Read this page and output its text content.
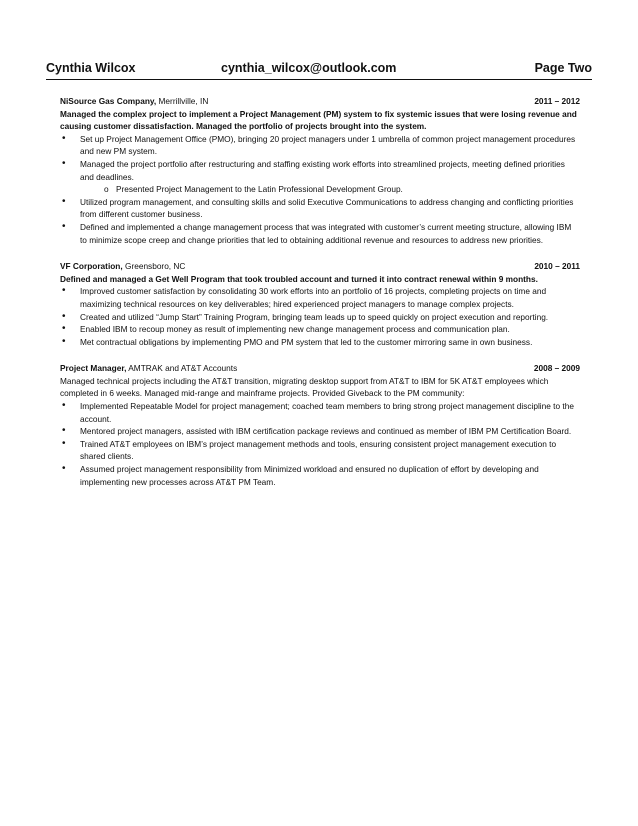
Cynthia Wilcox	cynthia_wilcox@outlook.com	Page Two
NiSource Gas Company, Merrillville, IN	2011 – 2012

Managed the complex project to implement a Project Management (PM) system to fix systemic issues that were losing revenue and causing customer dissatisfaction. Managed the portfolio of projects brought into the system.

• Set up Project Management Office (PMO), bringing 20 project managers under 1 umbrella of common project management procedures and new PM system.
• Managed the project portfolio after restructuring and staffing existing work efforts into streamlined projects, meeting defined priorities and deadlines.
o Presented Project Management to the Latin Professional Development Group.
• Utilized program management, and consulting skills and solid Executive Communications to address changing and conflicting priorities from different customer business.
• Defined and implemented a change management process that was integrated with customer’s current meeting structure, allowing IBM to minimize scope creep and change priorities that led to obtaining additional revenue and resources to address new priorities.
VF Corporation, Greensboro, NC	2010 – 2011

Defined and managed a Get Well Program that took troubled account and turned it into contract renewal within 9 months.

• Improved customer satisfaction by consolidating 30 work efforts into an portfolio of 16 projects, completing projects on time and maximizing technical resources on key deliverables; hired experienced project managers to manage complex projects.
• Created and utilized “Jump Start” Training Program, bringing team leads up to speed quickly on project execution and reporting.
• Enabled IBM to recoup money as result of implementing new change management process and communication plan.
• Met contractual obligations by implementing PMO and PM system that led to the customer mirroring same in own business.
Project Manager, AMTRAK and AT&T Accounts	2008 – 2009

Managed technical projects including the AT&T transition, migrating desktop support from AT&T to IBM for 5K AT&T employees which completed in 6 weeks. Managed mid-range and mainframe projects. Provided Giveback to the PM community:

• Implemented Repeatable Model for project management; coached team members to bring strong project management discipline to the account.
• Mentored project managers, assisted with IBM certification package reviews and continued as member of IBM PM Certification Board.
• Trained AT&T employees on IBM’s project management methods and tools, ensuring consistent project management execution to shared clients.
• Assumed project management responsibility from Minimized workload and ensured no duplication of effort by developing and implementing new processes across AT&T PM Team.
